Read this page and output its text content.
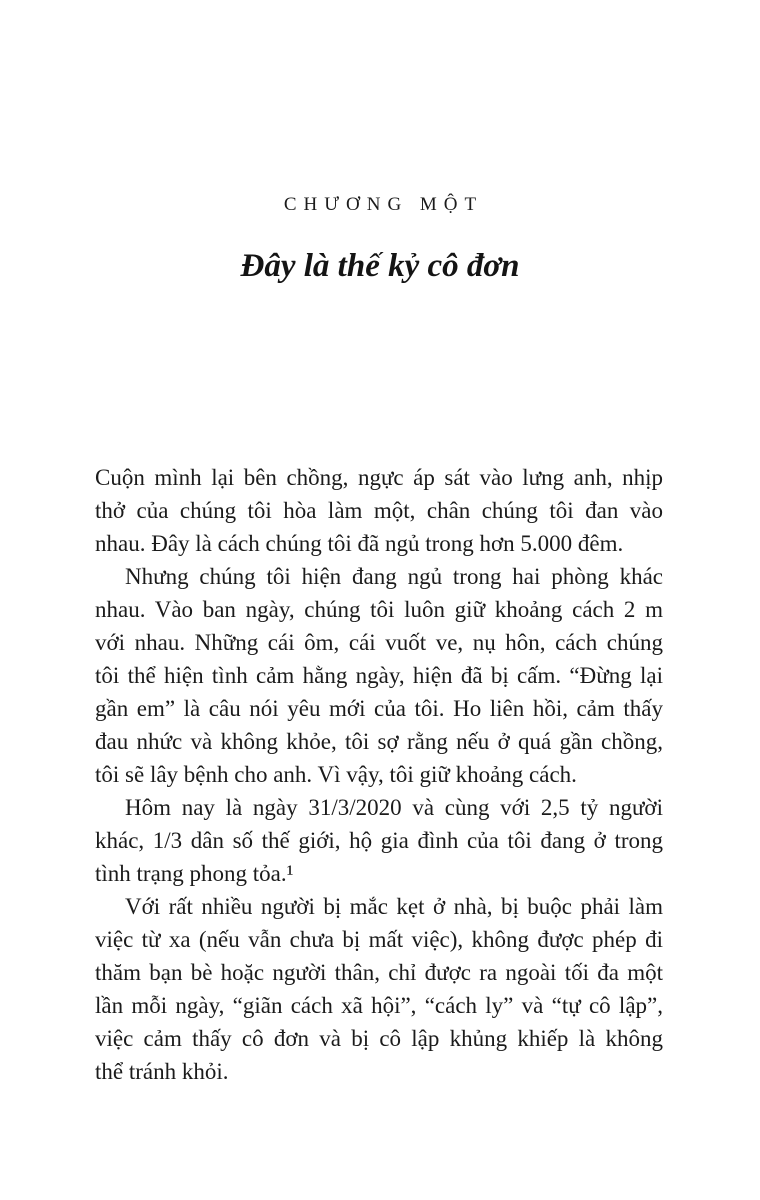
CHƯƠNG MỘT
Đây là thế kỷ cô đơn

Cuộn mình lại bên chồng, ngực áp sát vào lưng anh, nhịp
thở của chúng tôi hòa làm một, chân chúng tôi đan vào
nhau. Đây là cách chúng tôi đã ngủ trong hơn 5.000 đêm.

Nhưng chúng tôi hiện đang ngủ trong hai phòng khác
nhau. Vào ban ngày, chúng tôi luôn giữ khoảng cách 2 m
với nhau. Những cái ôm, cái vuốt ve, nụ hôn, cách chúng
tôi thể hiện tình cảm hằng ngày, hiện đã bị cấm. “Đừng lại
gần em” là câu nói yêu mới của tôi. Ho liên hồi, cảm thấy
đau nhức và không khỏe, tôi sợ rằng nếu ở quá gần chồng,
tôi sẽ lây bệnh cho anh. Vì vậy, tôi giữ khoảng cách.

Hôm nay là ngày 31/3/2020 và cùng với 2,5 tỷ người
khác, 1/3 dân số thế giới, hộ gia đình của tôi đang ở trong
tình trạng phong tỏa.¹

Với rất nhiều người bị mắc kẹt ở nhà, bị buộc phải làm
việc từ xa (nếu vẫn chưa bị mất việc), không được phép đi
thăm bạn bè hoặc người thân, chỉ được ra ngoài tối đa một
lần mỗi ngày, “giãn cách xã hội”, “cách ly” và “tự cô lập”,
việc cảm thấy cô đơn và bị cô lập khủng khiếp là không
thể tránh khỏi.
